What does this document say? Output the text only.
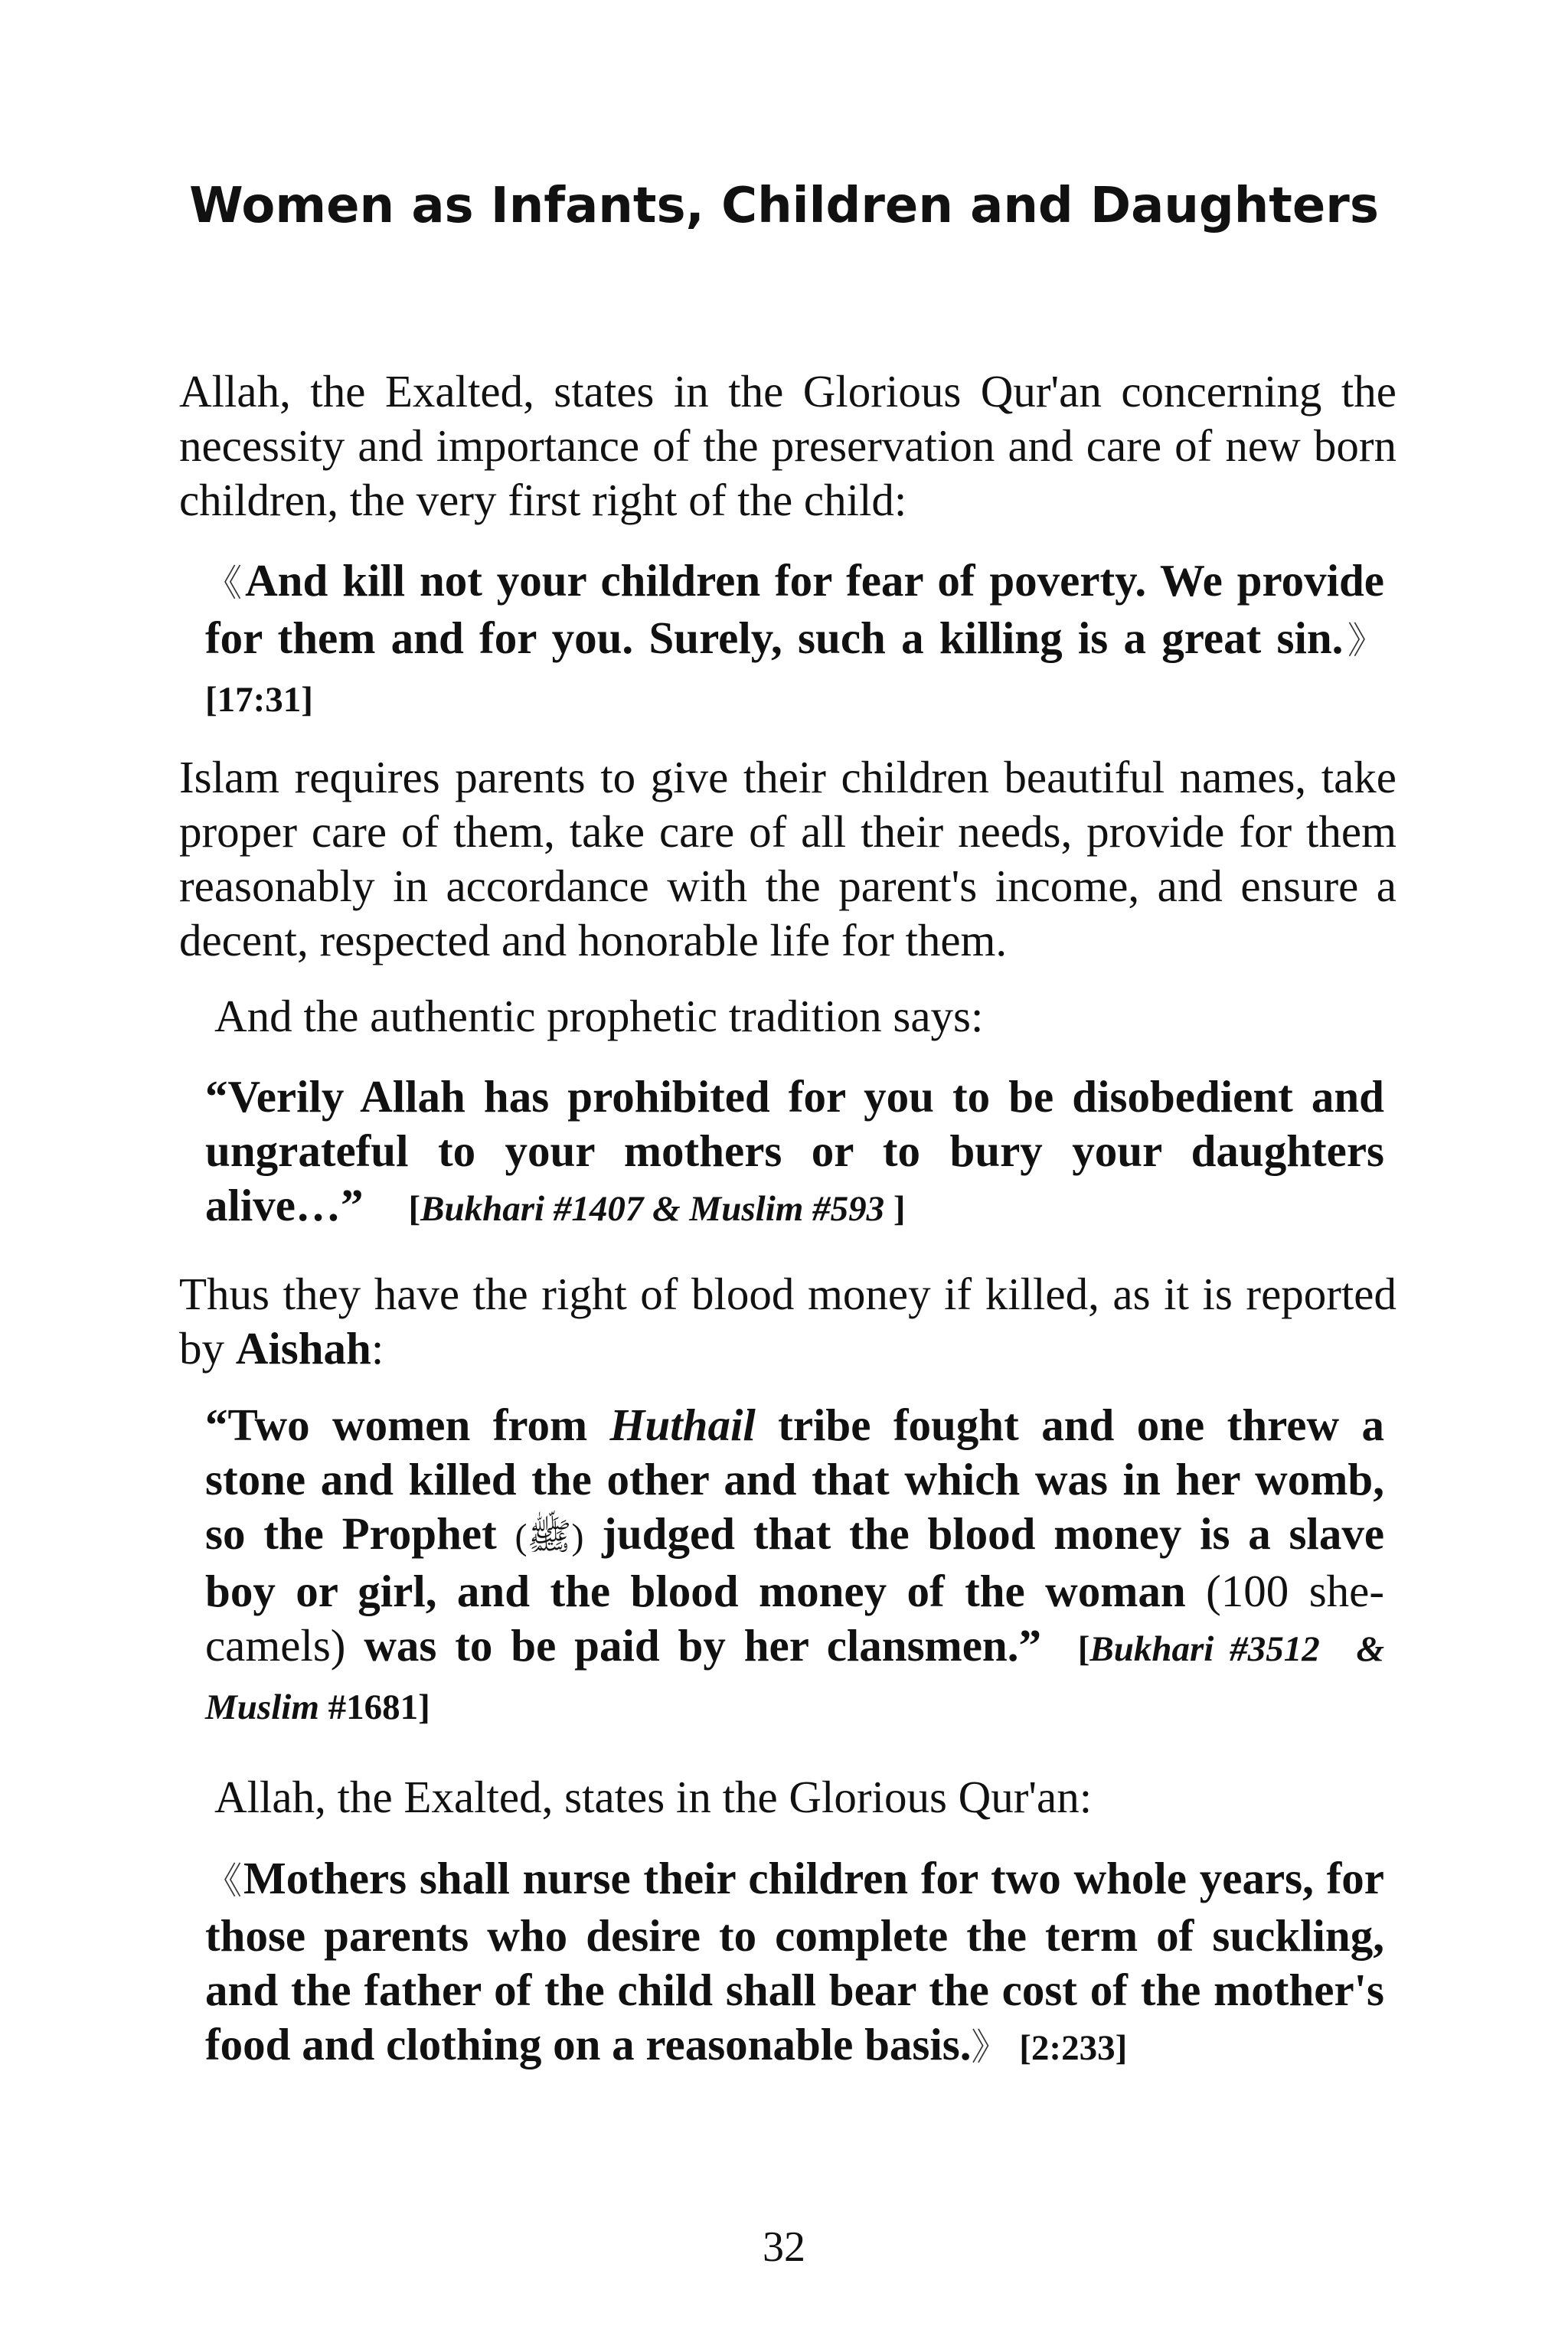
Women as Infants, Children and Daughters

Allah, the Exalted, states in the Glorious Qur'an concerning the necessity and importance of the preservation and care of new born children, the very first right of the child:

《And kill not your children for fear of poverty. We provide for them and for you. Surely, such a killing is a great sin.》 [17:31]

Islam requires parents to give their children beautiful names, take proper care of them, take care of all their needs, provide for them reasonably in accordance with the parent's income, and ensure a decent, respected and honorable life for them.

And the authentic prophetic tradition says:

“Verily Allah has prohibited for you to be disobedient and ungrateful to your mothers or to bury your daughters alive…” [Bukhari #1407 & Muslim #593 ]

Thus they have the right of blood money if killed, as it is reported by Aishah:

“Two women from Huthail tribe fought and one threw a stone and killed the other and that which was in her womb, so the Prophet (ﷺ) judged that the blood money is a slave boy or girl, and the blood money of the woman (100 she-camels) was to be paid by her clansmen.” [Bukhari #3512 & Muslim #1681]

Allah, the Exalted, states in the Glorious Qur'an:

《Mothers shall nurse their children for two whole years, for those parents who desire to complete the term of suckling, and the father of the child shall bear the cost of the mother's food and clothing on a reasonable basis.》 [2:233]

32
